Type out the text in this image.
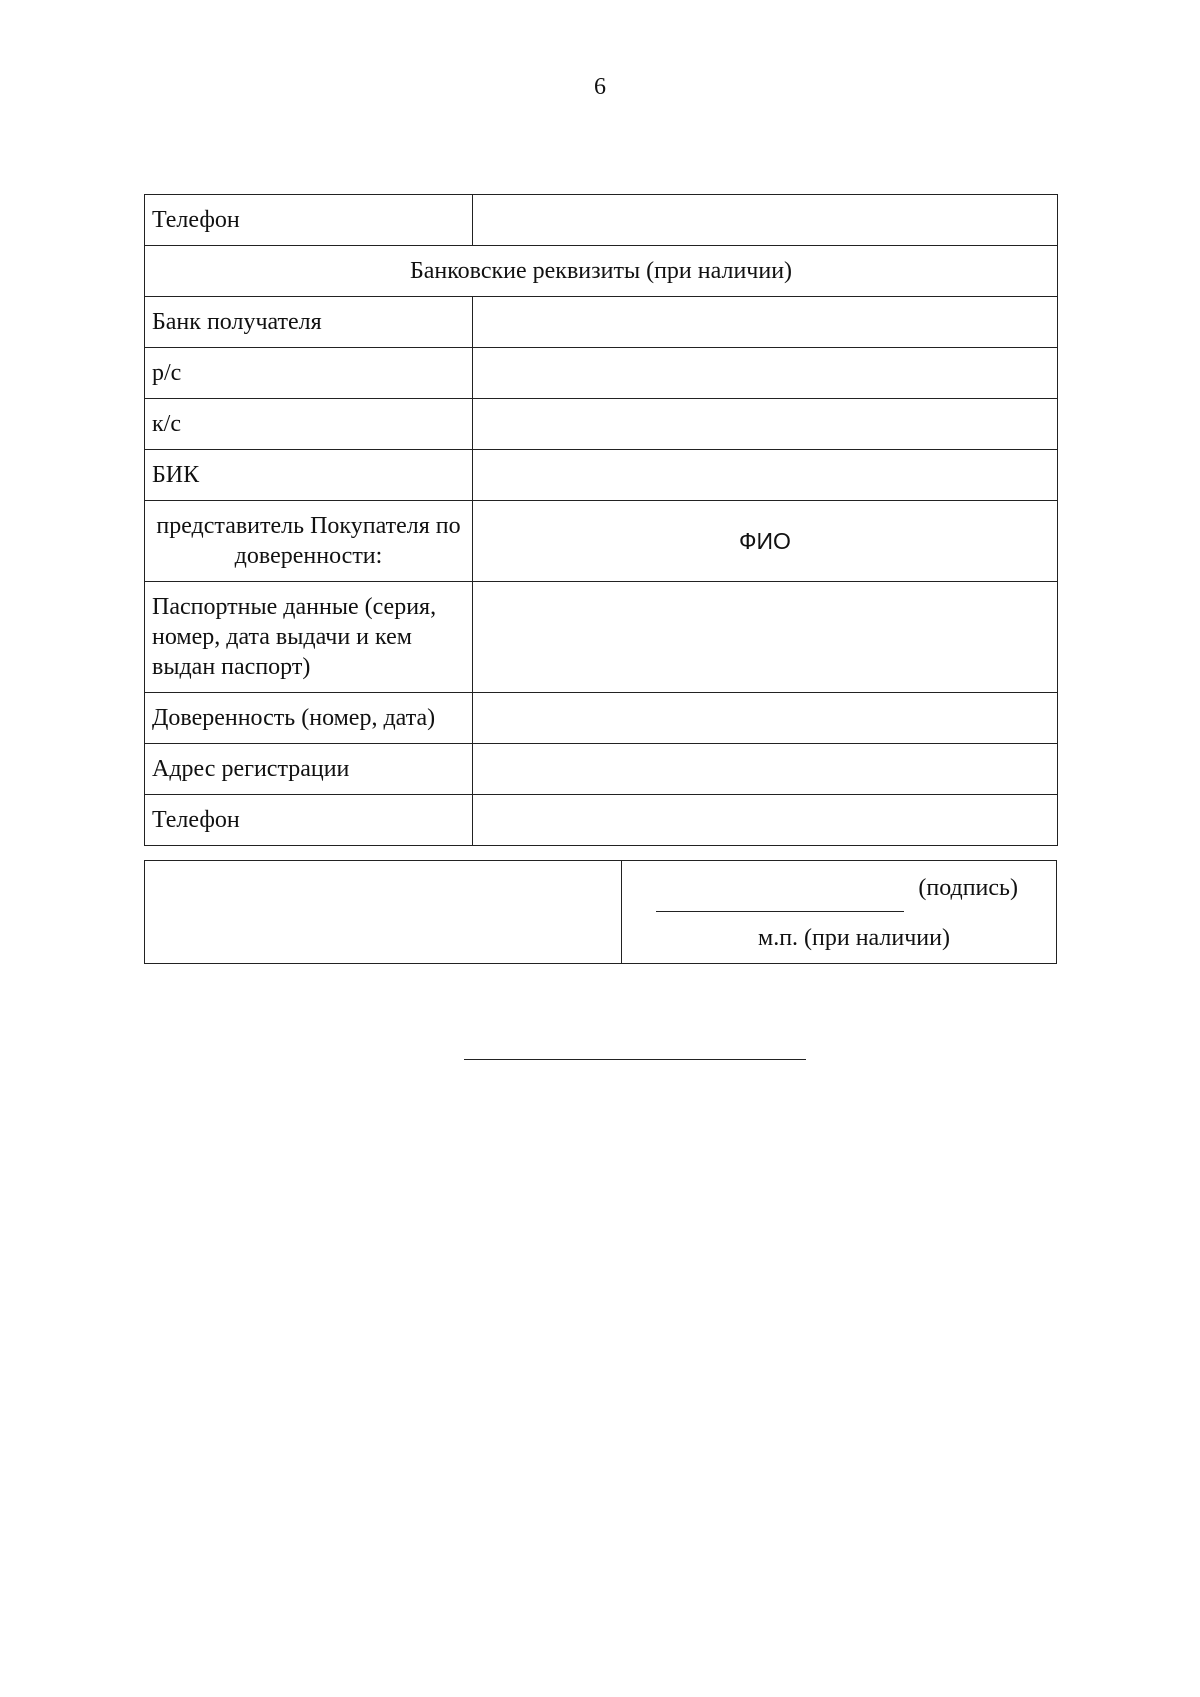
6
Телефон	
Банковские реквизиты (при наличии)	
Банк получателя	
р/с	
к/с	
БИК	
представитель Покупателя по доверенности:	ФИО
Паспортные данные (серия, номер, дата выдачи и кем выдан паспорт)	
Доверенность (номер, дата)	
Адрес регистрации	
Телефон	

(подпись)
м.п. (при наличии)
